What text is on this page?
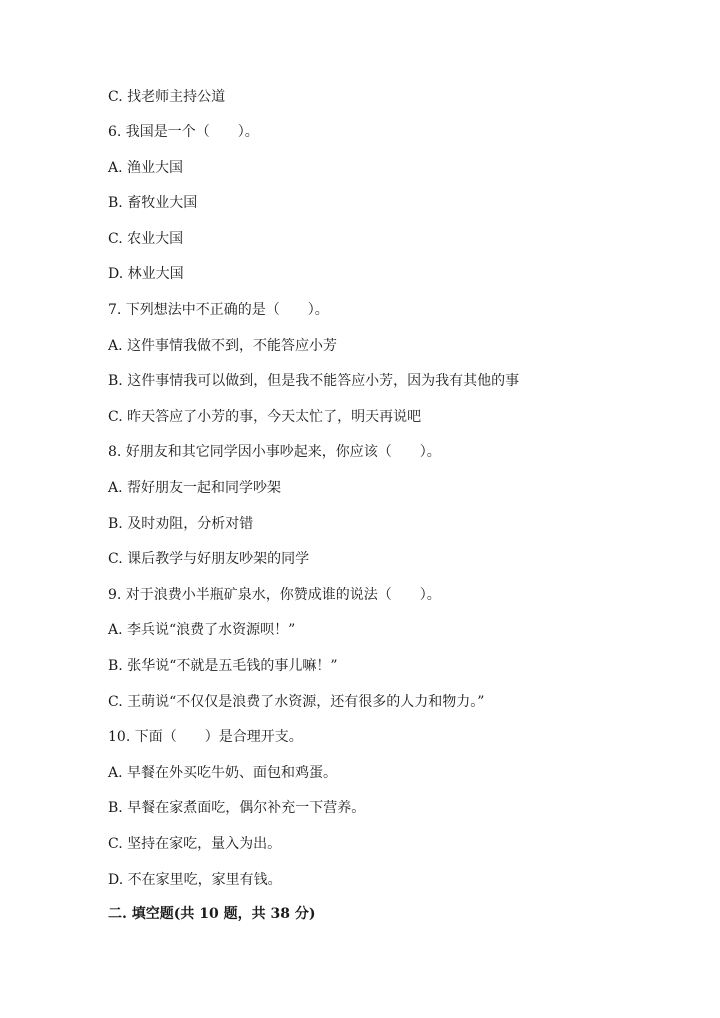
C. 找老师主持公道
6. 我国是一个（　　）。
A. 渔业大国
B. 畜牧业大国
C. 农业大国
D. 林业大国
7. 下列想法中不正确的是（　　）。
A. 这件事情我做不到，不能答应小芳
B. 这件事情我可以做到，但是我不能答应小芳，因为我有其他的事
C. 昨天答应了小芳的事，今天太忙了，明天再说吧
8. 好朋友和其它同学因小事吵起来，你应该（　　）。
A. 帮好朋友一起和同学吵架
B. 及时劝阻，分析对错
C. 课后教学与好朋友吵架的同学
9. 对于浪费小半瓶矿泉水，你赞成谁的说法（　　）。
A. 李兵说“浪费了水资源呗！”
B. 张华说“不就是五毛钱的事儿嘛！”
C. 王萌说“不仅仅是浪费了水资源，还有很多的人力和物力。”
10. 下面（　　）是合理开支。
A. 早餐在外买吃牛奶、面包和鸡蛋。
B. 早餐在家煮面吃，偶尔补充一下营养。
C. 坚持在家吃，量入为出。
D. 不在家里吃，家里有钱。
二. 填空题(共 10 题，共 38 分)
